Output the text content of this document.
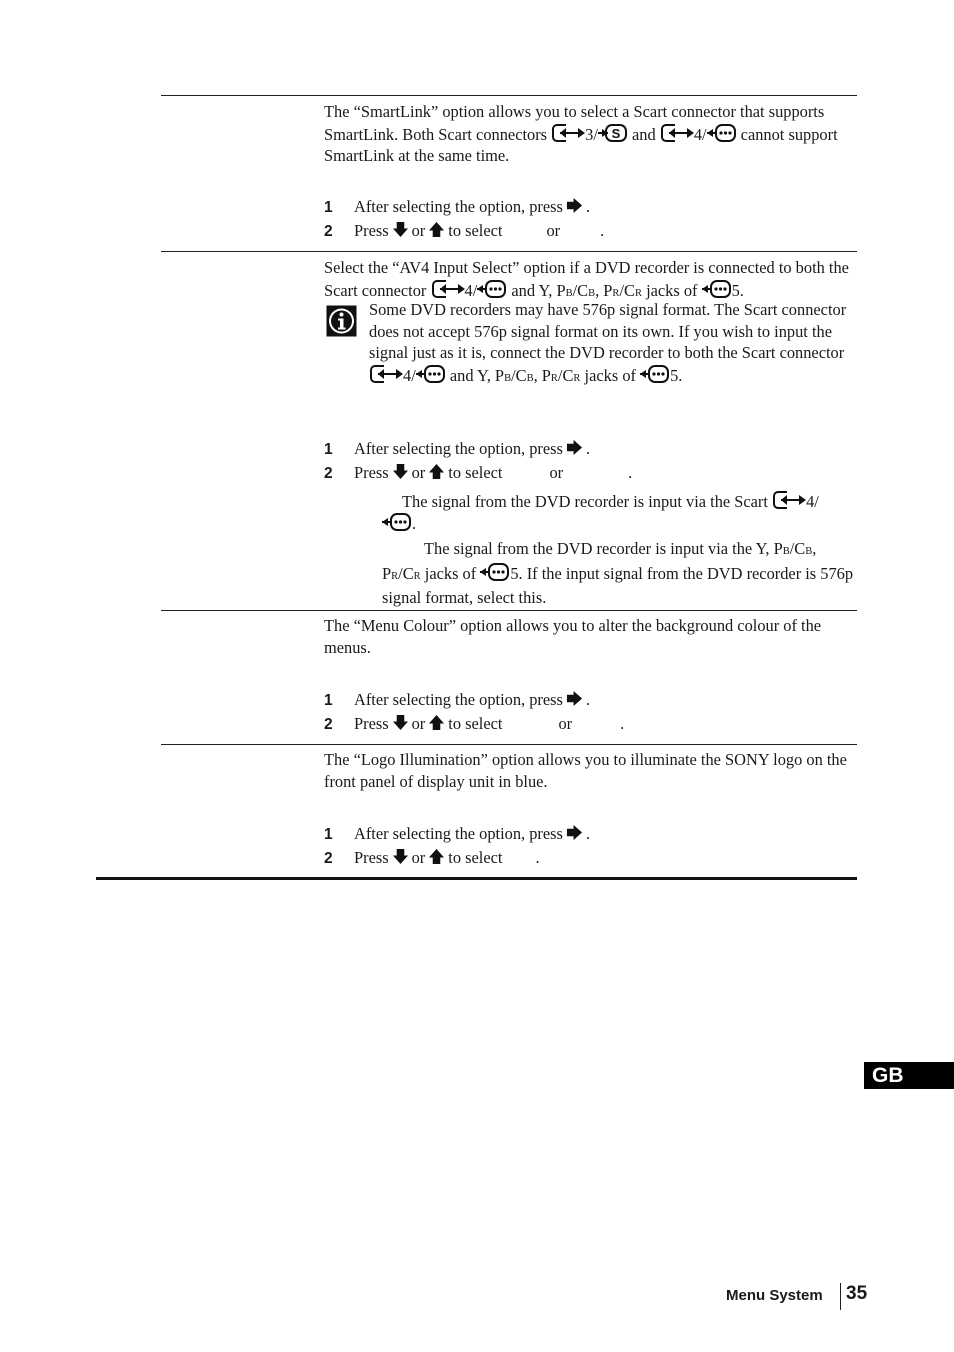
The “SmartLink” option allows you to select a Scart connector that supports SmartLink. Both Scart connectors 3/ and 4/ cannot support SmartLink at the same time.

1 After selecting the option, press .
2 Press or to select	or .

Select the “AV4 Input Select” option if a DVD recorder is connected to both the Scart connector 4/ and Y, PB/CB, PR/CR jacks of 5.

Some DVD recorders may have 576p signal format. The Scart connector does not accept 576p signal format on its own. If you wish to input the signal just as it is, connect the DVD recorder to both the Scart connector 4/ and Y, PB/CB, PR/CR jacks of 5.
1 After selecting the option, press .
2 Press or to select	or	.
The signal from the DVD recorder is input via the Scart 4/
.
The signal from the DVD recorder is input via the Y, PB/CB,
PR/CR jacks of 5. If the input signal from the DVD recorder is 576p signal format, select this.

The “Menu Colour” option allows you to alter the background colour of the menus.

1 After selecting the option, press .
2 Press or to select	or	.

The “Logo Illumination” option allows you to illuminate the SONY logo on the front panel of display unit in blue.

1 After selecting the option, press .
2 Press or to select .
GB
Menu System 35
